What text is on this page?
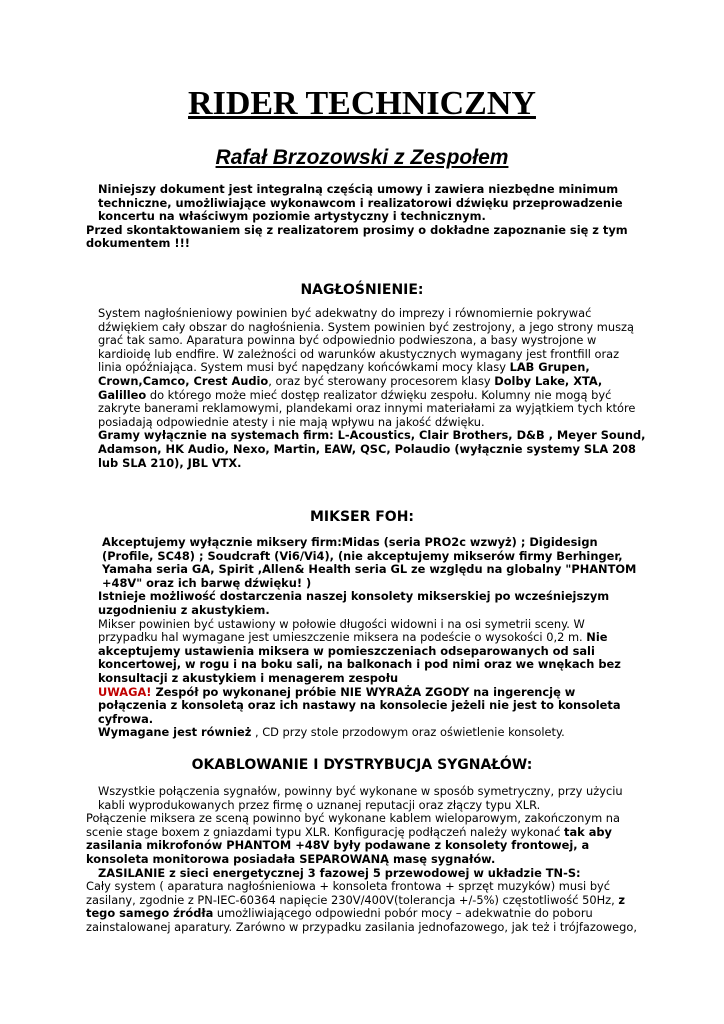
RIDER TECHNICZNY
Rafał Brzozowski z Zespołem

Niniejszy dokument jest integralną częścią umowy i zawiera niezbędne minimum techniczne, umożliwiające wykonawcom i realizatorowi dźwięku przeprowadzenie koncertu na właściwym poziomie artystyczny i technicznym.

Przed skontaktowaniem się z realizatorem prosimy o dokładne zapoznanie się z tym dokumentem !!!

NAGŁOŚNIENIE:

System nagłośnieniowy powinien być adekwatny do imprezy i równomiernie pokrywać dźwiękiem cały obszar do nagłośnienia. System powinien być zestrojony, a jego strony muszą grać tak samo. Aparatura powinna być odpowiednio podwieszona, a basy wystrojone w kardioidę lub endfire. W zależności od warunków akustycznych wymagany jest frontfill oraz linia opóźniająca. System musi być napędzany końcówkami mocy klasy LAB Grupen, Crown,Camco, Crest Audio, oraz być sterowany procesorem klasy Dolby Lake, XTA, Galilleo do którego może mieć dostęp realizator dźwięku zespołu. Kolumny nie mogą być zakryte banerami reklamowymi, plandekami oraz innymi materiałami za wyjątkiem tych które posiadają odpowiednie atesty i nie mają wpływu na jakość dźwięku.

Gramy wyłącznie na systemach firm: L-Acoustics, Clair Brothers, D&B , Meyer Sound, Adamson, HK Audio, Nexo, Martin, EAW, QSC, Polaudio (wyłącznie systemy SLA 208 lub SLA 210), JBL VTX.

MIKSER FOH:

Akceptujemy wyłącznie miksery firm:Midas (seria PRO2c wzwyż) ; Digidesign (Profile, SC48) ; Soudcraft (Vi6/Vi4), (nie akceptujemy mikserów firmy Berhinger, Yamaha seria GA, Spirit ,Allen& Health seria GL ze względu na globalny "PHANTOM +48V" oraz ich barwę dźwięku! )

Istnieje możliwość dostarczenia naszej konsolety mikserskiej po wcześniejszym uzgodnieniu z akustykiem.

Mikser powinien być ustawiony w połowie długości widowni i na osi symetrii sceny. W przypadku hal wymagane jest umieszczenie miksera na podeście o wysokości 0,2 m. Nie akceptujemy ustawienia miksera w pomieszczeniach odseparowanych od sali koncertowej, w rogu i na boku sali, na balkonach i pod nimi oraz we wnękach bez konsultacji z akustykiem i menagerem zespołu

UWAGA! Zespół po wykonanej próbie NIE WYRAŻA ZGODY na ingerencję w połączenia z konsoletą oraz ich nastawy na konsolecie jeżeli nie jest to konsoleta cyfrowa.

Wymagane jest również , CD przy stole przodowym oraz oświetlenie konsolety.

OKABLOWANIE I DYSTRYBUCJA SYGNAŁÓW:

Wszystkie połączenia sygnałów, powinny być wykonane w sposób symetryczny, przy użyciu kabli wyprodukowanych przez firmę o uznanej reputacji oraz złączy typu XLR.

Połączenie miksera ze sceną powinno być wykonane kablem wieloparowym, zakończonym na scenie stage boxem z gniazdami typu XLR. Konfigurację podłączeń należy wykonać tak aby zasilania mikrofonów PHANTOM +48V były podawane z konsolety frontowej, a konsoleta monitorowa posiadała SEPAROWANĄ masę sygnałów.

ZASILANIE z sieci energetycznej 3 fazowej 5 przewodowej w układzie TN-S:

Cały system ( aparatura nagłośnieniowa + konsoleta frontowa + sprzęt muzyków) musi być zasilany, zgodnie z PN-IEC-60364 napięcie 230V/400V(tolerancja +/-5%) częstotliwość 50Hz, z tego samego źródła umożliwiającego odpowiedni pobór mocy – adekwatnie do poboru zainstalowanej aparatury. Zarówno w przypadku zasilania jednofazowego, jak też i trójfazowego,
